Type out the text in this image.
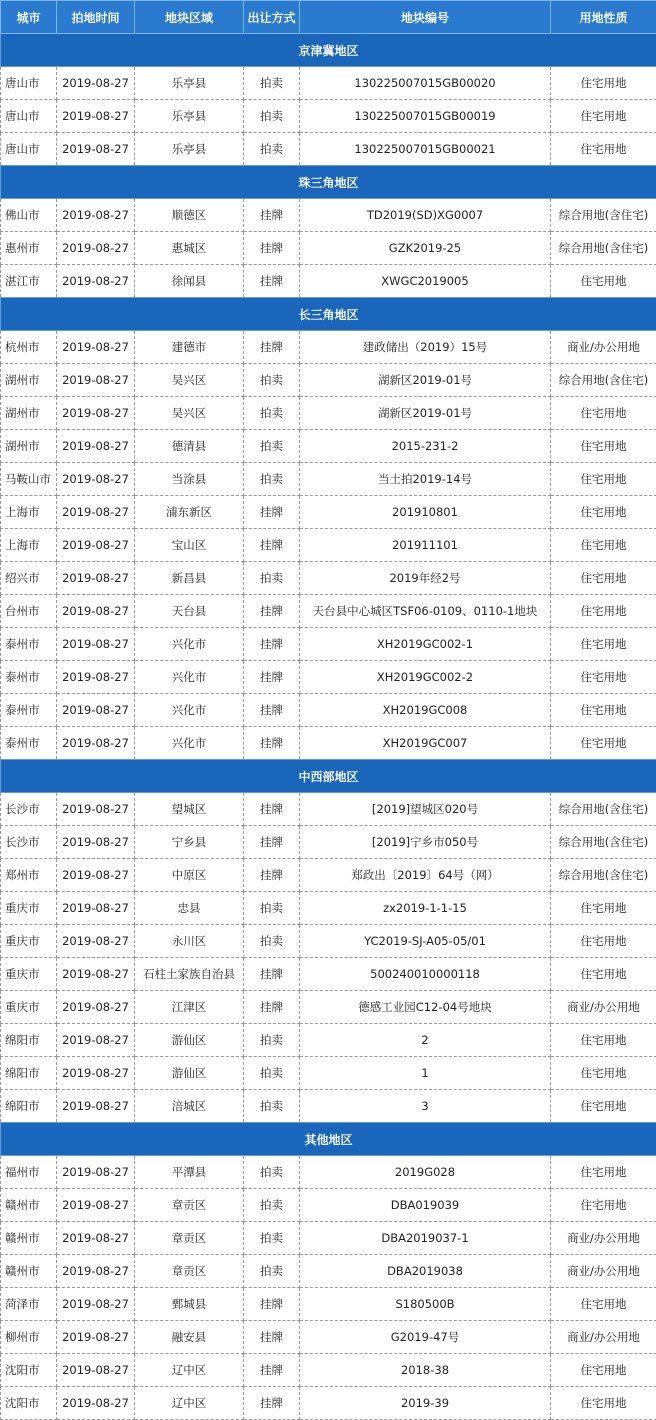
城市	拍地时间	地块区域	出让方式	地块编号	用地性质
京津冀地区					
唐山市	2019-08-27	乐亭县	拍卖	130225007015GB00020	住宅用地
唐山市	2019-08-27	乐亭县	拍卖	130225007015GB00019	住宅用地
唐山市	2019-08-27	乐亭县	拍卖	130225007015GB00021	住宅用地
珠三角地区					
佛山市	2019-08-27	顺德区	挂牌	TD2019(SD)XG0007	综合用地(含住宅)
惠州市	2019-08-27	惠城区	挂牌	GZK2019-25	综合用地(含住宅)
湛江市	2019-08-27	徐闻县	挂牌	XWGC2019005	住宅用地
长三角地区					
杭州市	2019-08-27	建德市	挂牌	建政储出（2019）15号	商业/办公用地
湖州市	2019-08-27	吴兴区	拍卖	湖新区2019-01号	综合用地(含住宅)
湖州市	2019-08-27	吴兴区	拍卖	湖新区2019-01号	住宅用地
湖州市	2019-08-27	德清县	拍卖	2015-231-2	住宅用地
马鞍山市	2019-08-27	当涂县	拍卖	当土拍2019-14号	住宅用地
上海市	2019-08-27	浦东新区	挂牌	201910801	住宅用地
上海市	2019-08-27	宝山区	挂牌	201911101	住宅用地
绍兴市	2019-08-27	新昌县	拍卖	2019年经2号	住宅用地
台州市	2019-08-27	天台县	挂牌	天台县中心城区TSF06-0109、0110-1地块	住宅用地
泰州市	2019-08-27	兴化市	挂牌	XH2019GC002-1	住宅用地
泰州市	2019-08-27	兴化市	挂牌	XH2019GC002-2	住宅用地
泰州市	2019-08-27	兴化市	挂牌	XH2019GC008	住宅用地
泰州市	2019-08-27	兴化市	挂牌	XH2019GC007	住宅用地
中西部地区					
长沙市	2019-08-27	望城区	挂牌	[2019]望城区020号	综合用地(含住宅)
长沙市	2019-08-27	宁乡县	挂牌	[2019]宁乡市050号	综合用地(含住宅)
郑州市	2019-08-27	中原区	挂牌	郑政出〔2019〕64号（网）	综合用地(含住宅)
重庆市	2019-08-27	忠县	拍卖	zx2019-1-1-15	住宅用地
重庆市	2019-08-27	永川区	拍卖	YC2019-SJ-A05-05/01	住宅用地
重庆市	2019-08-27	石柱土家族自治县	挂牌	500240010000118	住宅用地
重庆市	2019-08-27	江津区	挂牌	德感工业园C12-04号地块	商业/办公用地
绵阳市	2019-08-27	游仙区	拍卖	2	住宅用地
绵阳市	2019-08-27	游仙区	拍卖	1	住宅用地
绵阳市	2019-08-27	涪城区	拍卖	3	住宅用地
其他地区					
福州市	2019-08-27	平潭县	拍卖	2019G028	住宅用地
赣州市	2019-08-27	章贡区	拍卖	DBA019039	住宅用地
赣州市	2019-08-27	章贡区	拍卖	DBA2019037-1	商业/办公用地
赣州市	2019-08-27	章贡区	拍卖	DBA2019038	商业/办公用地
菏泽市	2019-08-27	鄄城县	挂牌	S180500B	住宅用地
柳州市	2019-08-27	融安县	挂牌	G2019-47号	商业/办公用地
沈阳市	2019-08-27	辽中区	挂牌	2018-38	住宅用地
沈阳市	2019-08-27	辽中区	挂牌	2019-39	住宅用地
